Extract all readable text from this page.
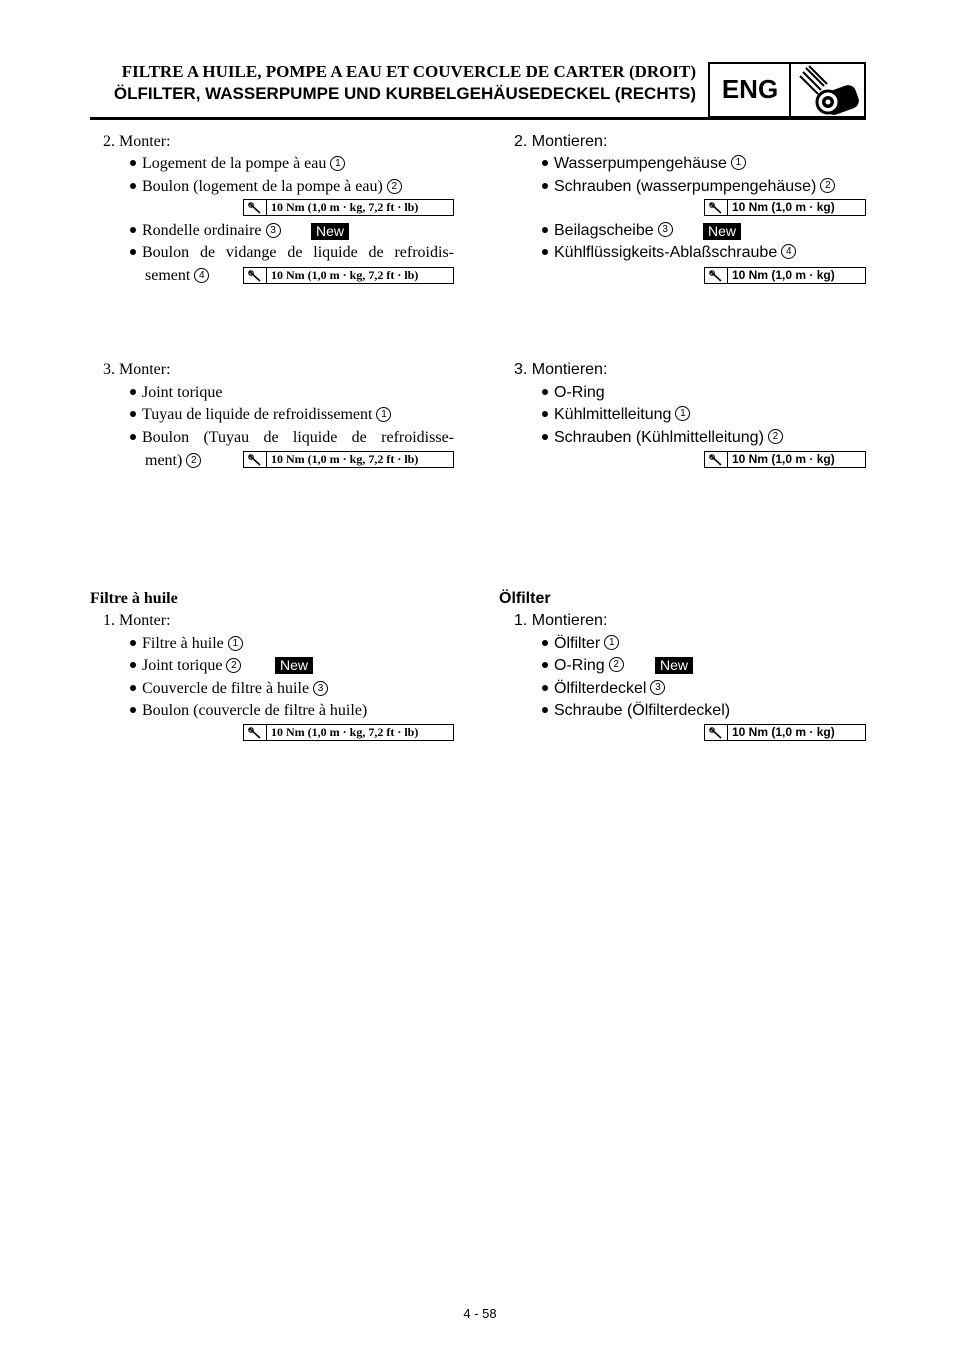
FILTRE A HUILE, POMPE A EAU ET COUVERCLE DE CARTER (DROIT)
ÖLFILTER, WASSERPUMPE UND KURBELGEHÄUSEDECKEL (RECHTS) ENG
2. Monter:
Logement de la pompe à eau 1
Boulon (logement de la pompe à eau) 2
10 Nm (1,0 m · kg, 7,2 ft · lb)
Rondelle ordinaire 3	New
Boulon de vidange de liquide de refroidis-
sement 4	10 Nm (1,0 m · kg, 7,2 ft · lb)
3. Monter:
Joint torique
Tuyau de liquide de refroidissement 1
Boulon (Tuyau de liquide de refroidisse-
ment) 2	10 Nm (1,0 m · kg, 7,2 ft · lb)
Filtre à huile
1. Monter:
Filtre à huile 1
Joint torique 2	New
Couvercle de filtre à huile 3
Boulon (couvercle de filtre à huile)
10 Nm (1,0 m · kg, 7,2 ft · lb)
2. Montieren:
Wasserpumpengehäuse 1
Schrauben (wasserpumpengehäuse) 2
10 Nm (1,0 m · kg)
Beilagscheibe 3	New
Kühlflüssigkeits-Ablaßschraube 4
10 Nm (1,0 m · kg)
3. Montieren:
O-Ring
Kühlmittelleitung 1
Schrauben (Kühlmittelleitung) 2
10 Nm (1,0 m · kg)
Ölfilter
1. Montieren:
Ölfilter 1
O-Ring 2	New
Ölfilterdeckel 3
Schraube (Ölfilterdeckel)
10 Nm (1,0 m · kg)
4 - 58
